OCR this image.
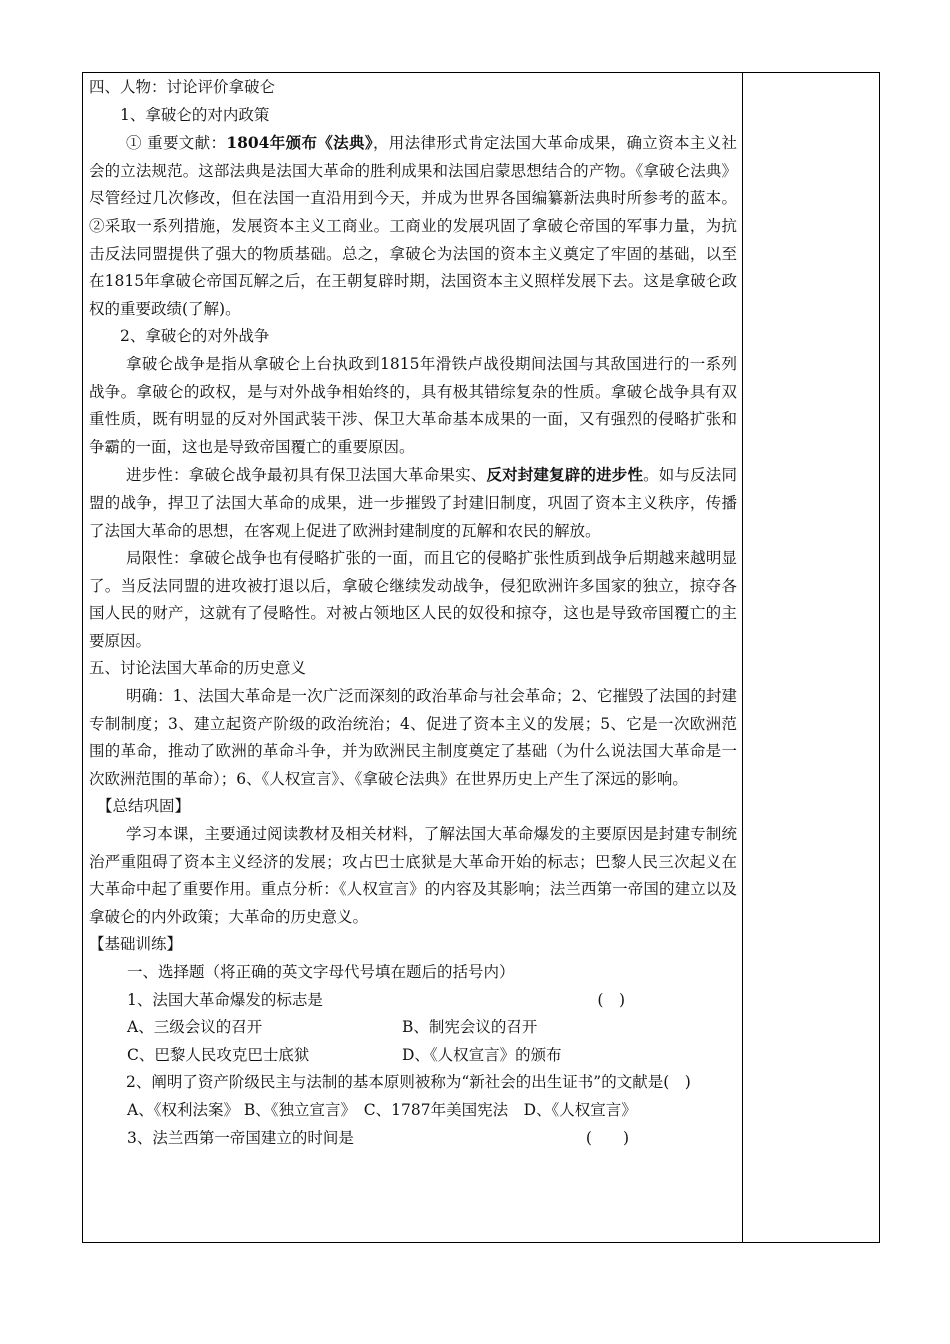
四、人物：讨论评价拿破仑

1、拿破仑的对内政策

① 重要文献：1804年颁布《法典》，用法律形式肯定法国大革命成果，确立资本主义社会的立法规范。这部法典是法国大革命的胜利成果和法国启蒙思想结合的产物。《拿破仑法典》尽管经过几次修改，但在法国一直沿用到今天，并成为世界各国编纂新法典时所参考的蓝本。②采取一系列措施，发展资本主义工商业。工商业的发展巩固了拿破仑帝国的军事力量，为抗击反法同盟提供了强大的物质基础。总之，拿破仑为法国的资本主义奠定了牢固的基础，以至在1815年拿破仑帝国瓦解之后，在王朝复辟时期，法国资本主义照样发展下去。这是拿破仑政权的重要政绩(了解)。

2、拿破仑的对外战争

拿破仑战争是指从拿破仑上台执政到1815年滑铁卢战役期间法国与其敌国进行的一系列战争。拿破仑的政权，是与对外战争相始终的，具有极其错综复杂的性质。拿破仑战争具有双重性质，既有明显的反对外国武装干涉、保卫大革命基本成果的一面，又有强烈的侵略扩张和争霸的一面，这也是导致帝国覆亡的重要原因。

进步性：拿破仑战争最初具有保卫法国大革命果实、反对封建复辟的进步性。如与反法同盟的战争，捍卫了法国大革命的成果，进一步摧毁了封建旧制度，巩固了资本主义秩序，传播了法国大革命的思想，在客观上促进了欧洲封建制度的瓦解和农民的解放。

局限性：拿破仑战争也有侵略扩张的一面，而且它的侵略扩张性质到战争后期越来越明显了。当反法同盟的进攻被打退以后，拿破仑继续发动战争，侵犯欧洲许多国家的独立，掠夺各国人民的财产，这就有了侵略性。对被占领地区人民的奴役和掠夺，这也是导致帝国覆亡的主要原因。

五、讨论法国大革命的历史意义

明确：1、法国大革命是一次广泛而深刻的政治革命与社会革命；2、它摧毁了法国的封建专制制度；3、建立起资产阶级的政治统治；4、促进了资本主义的发展；5、它是一次欧洲范围的革命，推动了欧洲的革命斗争，并为欧洲民主制度奠定了基础（为什么说法国大革命是一次欧洲范围的革命）；6、《人权宣言》、《拿破仑法典》在世界历史上产生了深远的影响。

【总结巩固】

学习本课，主要通过阅读教材及相关材料，了解法国大革命爆发的主要原因是封建专制统治严重阻碍了资本主义经济的发展；攻占巴士底狱是大革命开始的标志；巴黎人民三次起义在大革命中起了重要作用。重点分析：《人权宣言》的内容及其影响；法兰西第一帝国的建立以及拿破仑的内外政策；大革命的历史意义。

【基础训练】

一、选择题（将正确的英文字母代号填在题后的括号内）

1、法国大革命爆发的标志是	(　)
A、三级会议的召开	B、制宪会议的召开
C、巴黎人民攻克巴士底狱	D、《人权宣言》的颁布

2、阐明了资产阶级民主与法制的基本原则被称为“新社会的出生证书”的文献是(　)

A、《权利法案》 B、《独立宣言》　C、1787年美国宪法　D、《人权宣言》

3、法兰西第一帝国建立的时间是	(　　)
